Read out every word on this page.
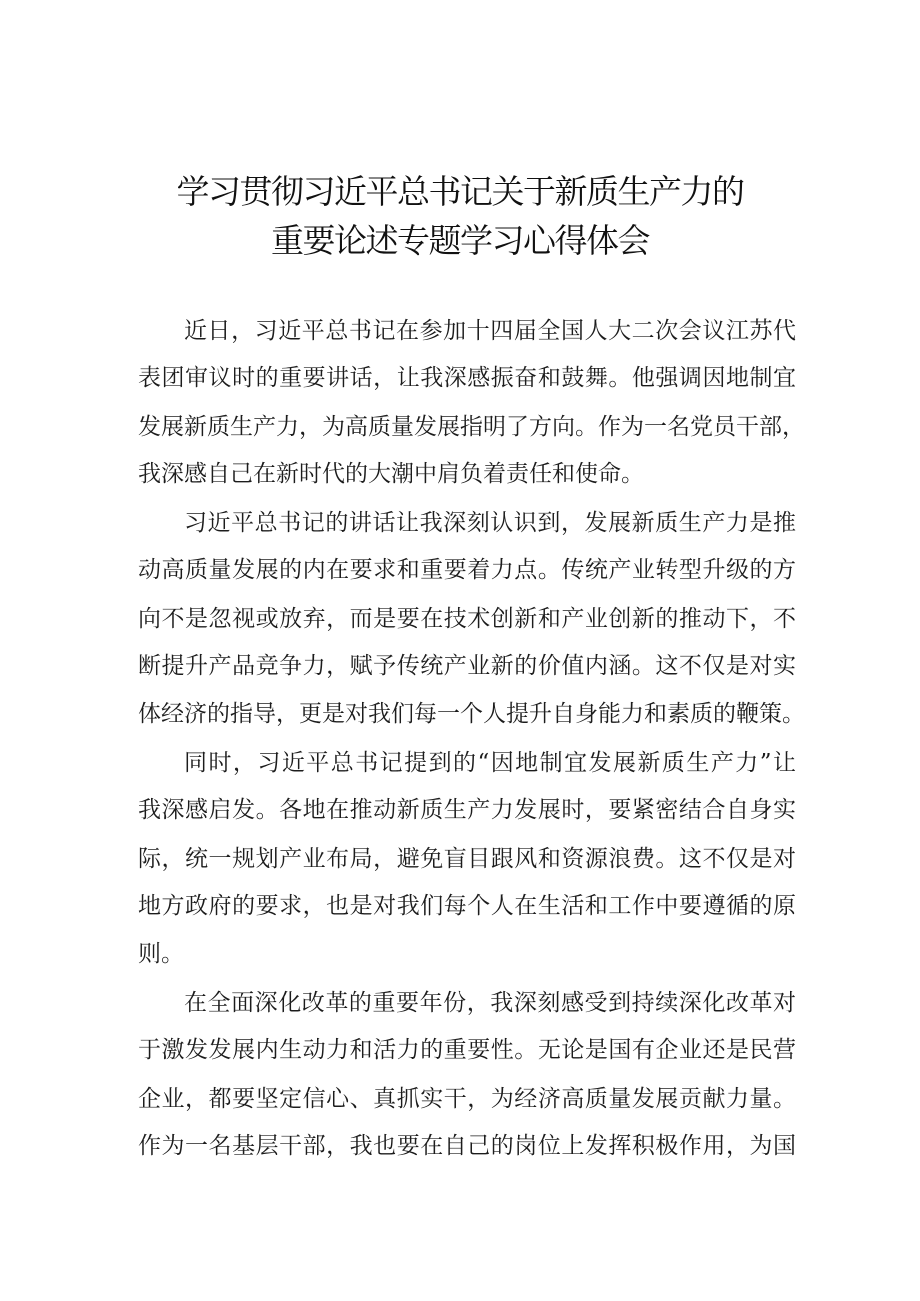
学习贯彻习近平总书记关于新质生产力的
重要论述专题学习心得体会
近日，习近平总书记在参加十四届全国人大二次会议江苏代
表团审议时的重要讲话，让我深感振奋和鼓舞。他强调因地制宜
发展新质生产力，为高质量发展指明了方向。作为一名党员干部，
我深感自己在新时代的大潮中肩负着责任和使命。
习近平总书记的讲话让我深刻认识到，发展新质生产力是推
动高质量发展的内在要求和重要着力点。传统产业转型升级的方
向不是忽视或放弃，而是要在技术创新和产业创新的推动下，不
断提升产品竞争力，赋予传统产业新的价值内涵。这不仅是对实
体经济的指导，更是对我们每一个人提升自身能力和素质的鞭策。
同时，习近平总书记提到的“因地制宜发展新质生产力”让
我深感启发。各地在推动新质生产力发展时，要紧密结合自身实
际，统一规划产业布局，避免盲目跟风和资源浪费。这不仅是对
地方政府的要求，也是对我们每个人在生活和工作中要遵循的原
则。
在全面深化改革的重要年份，我深刻感受到持续深化改革对
于激发发展内生动力和活力的重要性。无论是国有企业还是民营
企业，都要坚定信心、真抓实干，为经济高质量发展贡献力量。
作为一名基层干部，我也要在自己的岗位上发挥积极作用，为国
